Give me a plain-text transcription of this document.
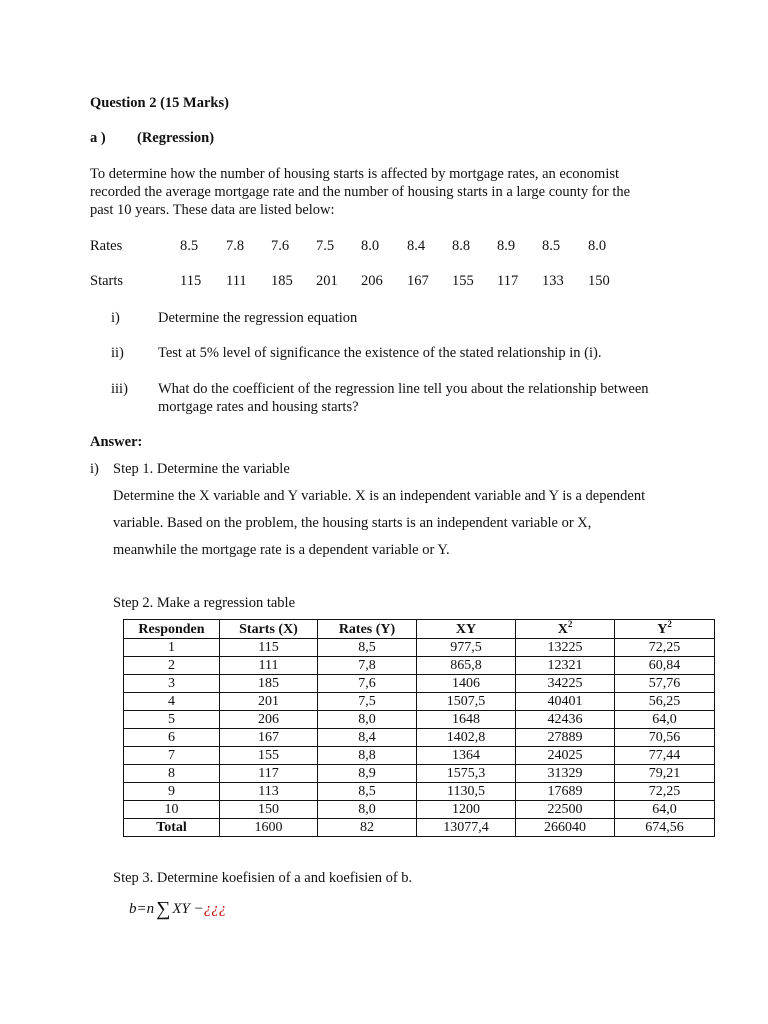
Question 2 (15 Marks)
a ) (Regression)
To determine how the number of housing starts is affected by mortgage rates, an economist
recorded the average mortgage rate and the number of housing starts in a large county for the
past 10 years. These data are listed below:
Rates	8.5 7.8 7.6 7.5 8.0 8.4 8.8 8.9 8.5 8.0
Starts	115 111 185 201 206 167 155 117 133 150
i)	Determine the regression equation
ii) Test at 5% level of significance the existence of the stated relationship in (i).
iii) What do the coefficient of the regression line tell you about the relationship between
mortgage rates and housing starts?
Answer:
i) Step 1. Determine the variable
Determine the X variable and Y variable. X is an independent variable and Y is a dependent
variable. Based on the problem, the housing starts is an independent variable or X,
meanwhile the mortgage rate is a dependent variable or Y.
Step 2. Make a regression table
Responden	Starts (X)	Rates (Y)	XY	$X^2$	$Y^2$
1	115	8,5	977,5	13225	72,25
2	111	7,8	865,8	12321	60,84
3	185	7,6	1406	34225	57,76
4	201	7,5	1507,5	40401	56,25
5	206	8,0	1648	42436	64,0
6	167	8,4	1402,8	27889	70,56
7	155	8,8	1364	24025	77,44
8	117	8,9	1575,3	31329	79,21
9	113	8,5	1130,5	17689	72,25
10	150	8,0	1200	22500	64,0
Total	1600	82	13077,4	266040	674,56
Step 3. Determine koefisien of a and koefisien of b.
b=n ∑ XY −¿¿¿
